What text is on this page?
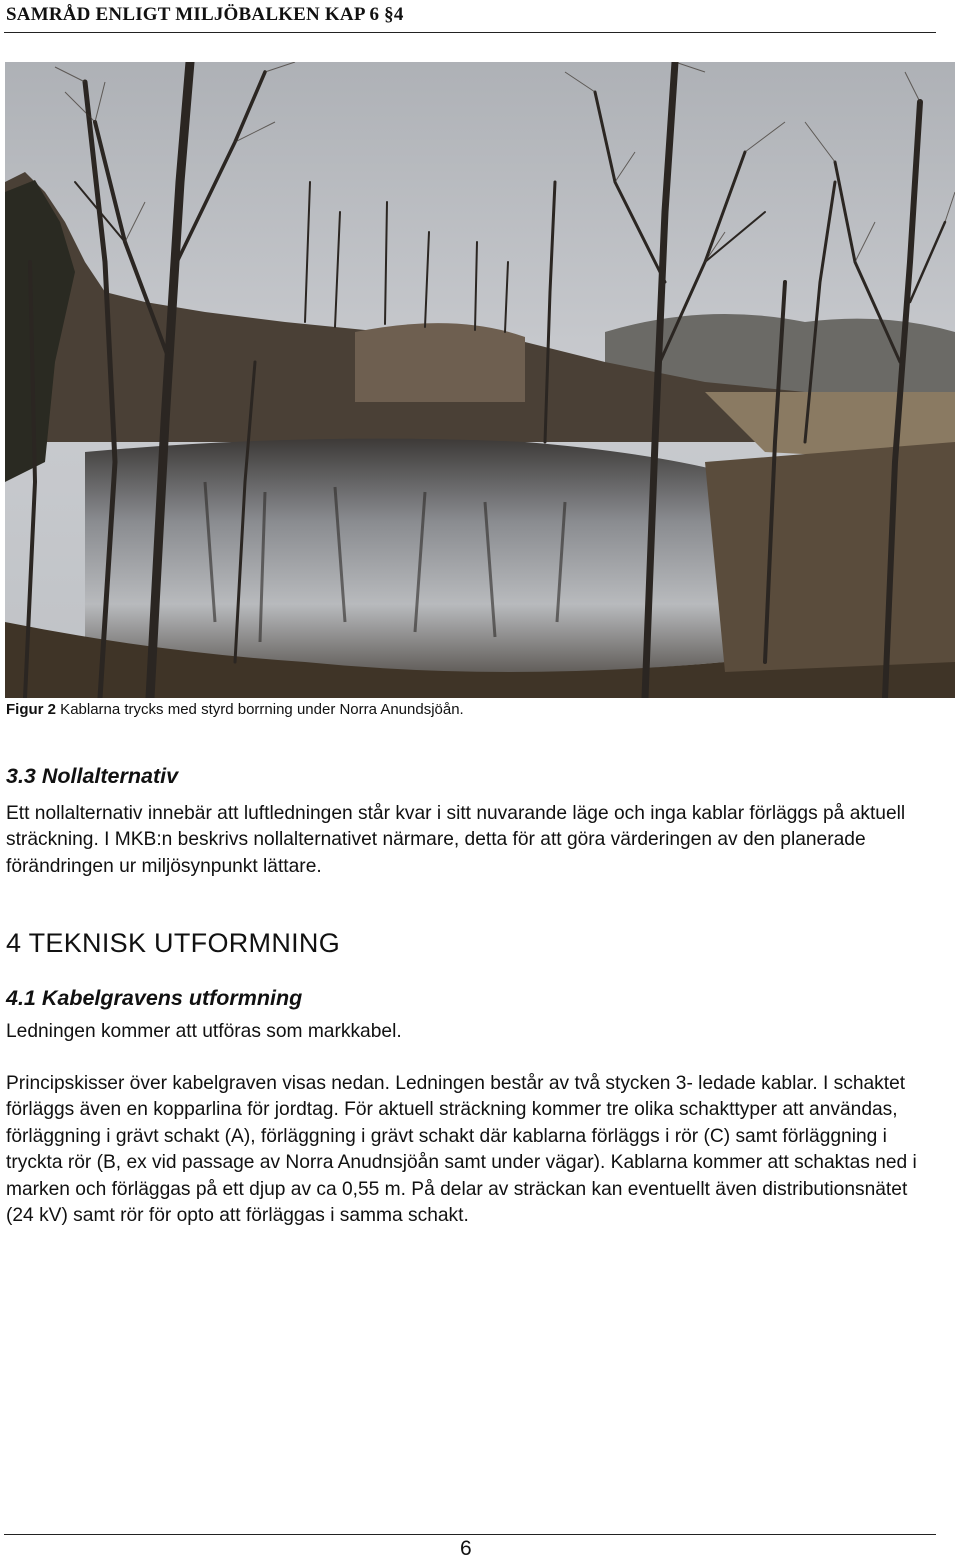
SAMRÅD ENLIGT MILJÖBALKEN KAP 6 §4
Figur 2 Kablarna trycks med styrd borrning under Norra Anundsjöån.
3.3 Nollalternativ

Ett nollalternativ innebär att luftledningen står kvar i sitt nuvarande läge och inga kablar förläggs på aktuell sträckning. I MKB:n beskrivs nollalternativet närmare, detta för att göra värderingen av den planerade förändringen ur miljösynpunkt lättare.

4 TEKNISK UTFORMNING
4.1 Kabelgravens utformning

Ledningen kommer att utföras som markkabel.

Principskisser över kabelgraven visas nedan. Ledningen består av två stycken 3- ledade kablar. I schaktet förläggs även en kopparlina för jordtag. För aktuell sträckning kommer tre olika schakttyper att användas, förläggning i grävt schakt (A), förläggning i grävt schakt där kablarna förläggs i rör (C) samt förläggning i tryckta rör (B, ex vid passage av Norra Anudnsjöån samt under vägar). Kablarna kommer att schaktas ned i marken och förläggas på ett djup av ca 0,55 m. På delar av sträckan kan eventuellt även distributionsnätet (24 kV) samt rör för opto att förläggas i samma schakt.

6
